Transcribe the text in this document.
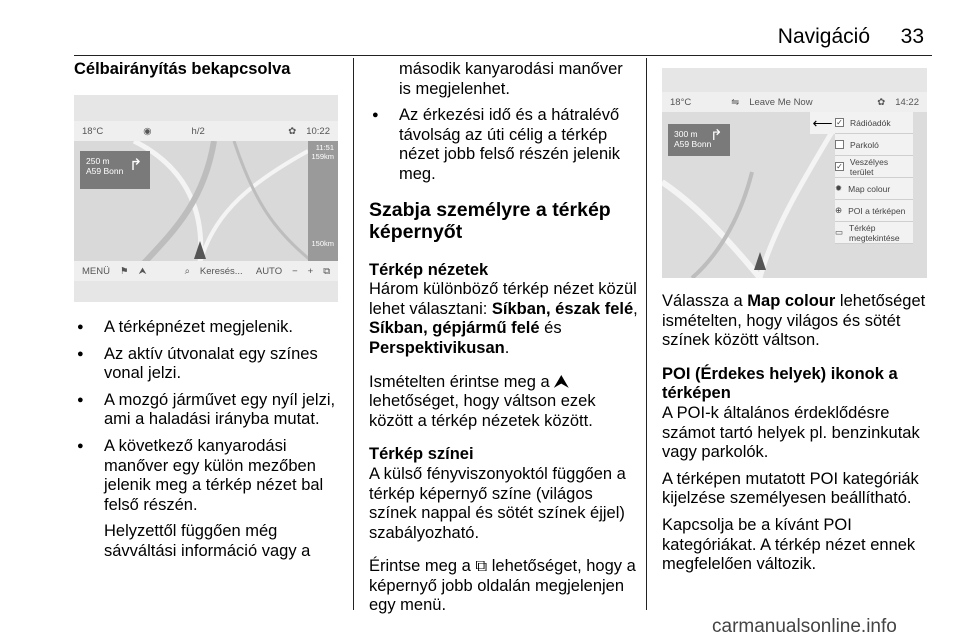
Navigáció 33
Célbairányítás bekapcsolva
18°C	◉	h/2	✿ 10:22
250 m
A59 Bonn ↱
11:51
159km
150km
MENÜ ⚑ ⮝	⌕ Keresés... AUTO − + ⧉
● A térképnézet megjelenik.
● Az aktív útvonalat egy színes vonal jelzi.
● A mozgó járművet egy nyíl jelzi, ami a haladási irányba mutat.
● A következő kanyarodási manőver egy külön mezőben jelenik meg a térkép nézet bal felső részén.

Helyzettől függően még sávváltási információ vagy a

második kanyarodási manőver is megjelenhet.

● Az érkezési idő és a hátralévő távolság az úti célig a térkép nézet jobb felső részén jelenik meg.
Szabja személyre a térkép képernyőt
Térkép nézetek

Három különböző térkép nézet közül lehet választani: Síkban, észak felé, Síkban, gépjármű felé és Perspektivikusan.

Ismételten érintse meg a ⮝ lehetőséget, hogy váltson ezek között a térkép nézetek között.

Térkép színei

A külső fényviszonyoktól függően a térkép képernyő színe (világos színek nappal és sötét színek éjjel) szabályozható.

Érintse meg a ⧉ lehetőséget, hogy a képernyő jobb oldalán megjelenjen egy menü.

18°C	⇋ Leave Me Now	✿ 14:22
300 m
A59 Bonn
↱
⟵ ✓ Rádióadók
Parkoló
✓ Veszélyes terület
✹ Map colour
⊕ POI a térképen
▭ Térkép megtekintése

Válassza a Map colour lehetőséget ismételten, hogy világos és sötét színek között váltson.

POI (Érdekes helyek) ikonok a térképen

A POI-k általános érdeklődésre számot tartó helyek pl. benzinkutak vagy parkolók.

A térképen mutatott POI kategóriák kijelzése személyesen beállítható.

Kapcsolja be a kívánt POI kategóriákat. A térkép nézet ennek megfelelően változik.

carmanualsonline.info
